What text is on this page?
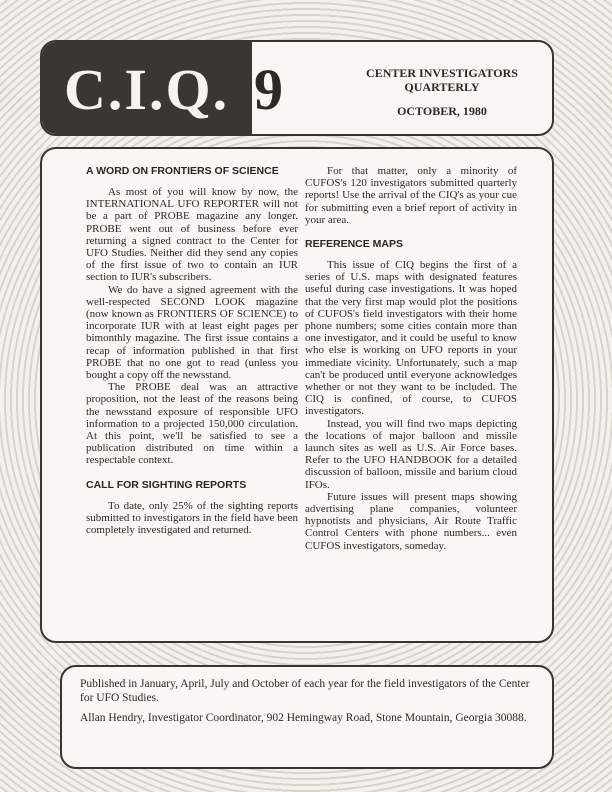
C.I.Q. 9	CENTER INVESTIGATORS QUARTERLY
OCTOBER, 1980
A WORD ON FRONTIERS OF SCIENCE

As most of you will know by now, the INTERNATIONAL UFO REPORTER will not be a part of PROBE magazine any longer. PROBE went out of business before ever returning a signed contract to the Center for UFO Studies. Neither did they send any copies of the first issue of two to contain an IUR section to IUR's subscribers.

We do have a signed agreement with the well-respected SECOND LOOK magazine (now known as FRONTIERS OF SCIENCE) to incorporate IUR with at least eight pages per bimonthly magazine. The first issue contains a recap of information published in that first PROBE that no one got to read (unless you bought a copy off the newsstand.

The PROBE deal was an attractive proposition, not the least of the reasons being the newsstand exposure of responsible UFO information to a projected 150,000 circulation. At this point, we'll be satisfied to see a publication distributed on time within a respectable context.

CALL FOR SIGHTING REPORTS

To date, only 25% of the sighting reports submitted to investigators in the field have been completely investigated and returned.

For that matter, only a minority of CUFOS's 120 investigators submitted quarterly reports! Use the arrival of the CIQ's as your cue for submitting even a brief report of activity in your area.

REFERENCE MAPS

This issue of CIQ begins the first of a series of U.S. maps with designated features useful during case investigations. It was hoped that the very first map would plot the positions of CUFOS's field investigators with their home phone numbers; some cities contain more than one investigator, and it could be useful to know who else is working on UFO reports in your immediate vicinity. Unfortunately, such a map can't be produced until everyone acknowledges whether or not they want to be included. The CIQ is confined, of course, to CUFOS investigators.

Instead, you will find two maps depicting the locations of major balloon and missile launch sites as well as U.S. Air Force bases. Refer to the UFO HANDBOOK for a detailed discussion of balloon, missile and barium cloud IFOs.

Future issues will present maps showing advertising plane companies, volunteer hypnotists and physicians, Air Route Traffic Control Centers with phone numbers... even CUFOS investigators, someday.

Published in January, April, July and October of each year for the field investigators of the Center for UFO Studies.

Allan Hendry, Investigator Coordinator, 902 Hemingway Road, Stone Mountain, Georgia 30088.
